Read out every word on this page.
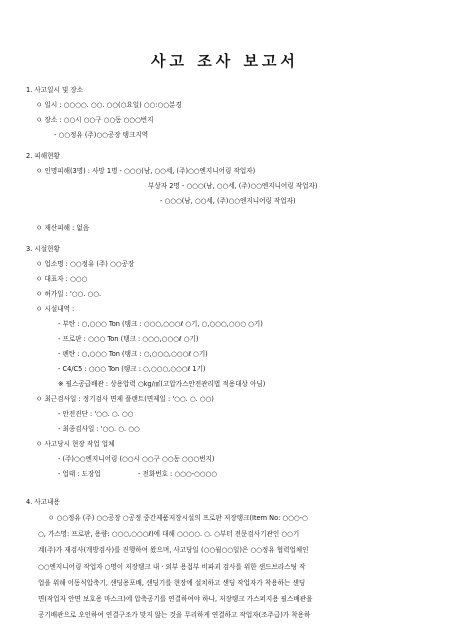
사고 조사 보고서
1. 사고일시 및 장소
ㅇ 일시 : ○○○○. ○○. ○○(○요일) ○○:○○분경
ㅇ 장소 : ○○시 ○○구 ○○동 ○○○번지
- ○○정유 (주)○○공장 탱크지역
2. 피해현황
ㅇ 인명피해(3명) : 사망 1명 - ○○○(남, ○○세, (주)○○엔지니어링 작업자)
부상자 2명 - ○○○(남, ○○세, (주)○○엔지니어링 작업자)
- ○○○(남, ○○세, (주)○○엔지니어링 작업자)
ㅇ 재산피해 : 없음
3. 시설현황
ㅇ 업소명 : ○○정유 (주) ○○공장
ㅇ 대표자 : ○○○
ㅇ 허가일 : '○○. ○○.
ㅇ 시설내역 :
- 부탄 : ○,○○○ Ton (탱크 : ○○○,○○○ℓ ○기, ○,○○○,○○○ ○기)
- 프로판 : ○○○ Ton (탱크 : ○○○,○○○ℓ ○기)
- 펜탄 : ○,○○○ Ton (탱크 : ○,○○○,○○○ℓ ○기)
- C4/C5 : ○○○ Ton (탱크 : ○,○○○,○○○ℓ 1기)
※ 필스공급배관 : 상용압력 ○kg/㎠(고압가스안전관리법 적용대상 아님)
ㅇ 최근검사일 : 정기검사 면제 플랜트(면제일 : '○○. ○. ○○)
- 안전진단 : '○○. ○. ○○
- 최종검사일 : '○○. ○. ○○
ㅇ 사고당시 현장 작업 업체
- (주)○○엔지니어링 (○○시 ○○구 ○○동 ○○○번지)
- 업태 : 도장업	- 전화번호 : ○○○-○○○○
4. 사고내용
ㅇ ○○정유 (주) ○○공장 ○공정 중간제품저장시설의 프로판 저장탱크(Item No: ○○○-○
○, 가스명: 프로판, 용량: ○○○,○○○ℓ)에 대해 ○○○○. ○. ○부터 전문검사기관인 ○○기
계(주)가 재검사(개방검사)를 진행하여 왔으며, 사고당일 (○○월○○일)은 ○○정유 협력업체인
○○엔지니어링 작업자 ○명이 저장탱크 내 · 외부 용접부 비파괴 검사를 위한 샌드브라스팅 작
업을 위해 이동식압축기, 샌딩용포배, 샌딩기를 현장에 설치하고 샌딩 작업자가 착용하는 샌딩
면(작업자 안면 보호용 마스크)에 압축공기를 연결하여야 하나, 저장탱크 가스퍼지용 필스배관을
공기배관으로 오인하여 연결구조가 맞지 않는 것을 무리하게 연결하고 작업자(조주급)가 착용하
